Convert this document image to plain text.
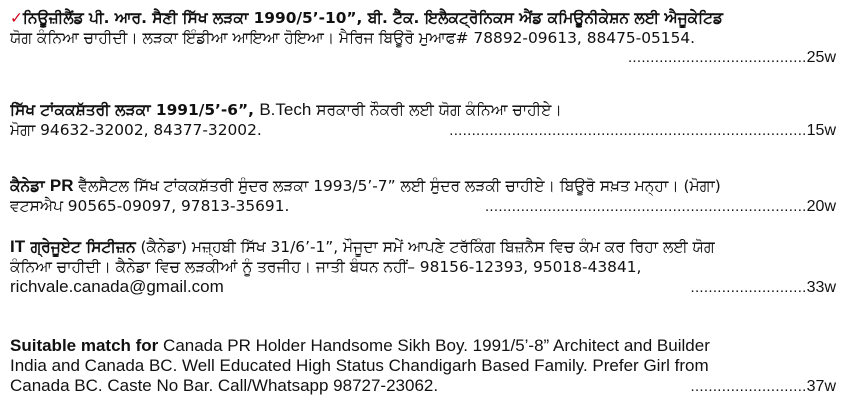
✓ਨਿਊਜ਼ੀਲੈਂਡ ਪੀ. ਆਰ. ਸੈਣੀ ਸਿੱਖ ਲੜਕਾ 1990/5’-10”, ਬੀ. ਟੈੱਕ. ਇਲੈਕਟ੍ਰੋਨਿਕਸ ਐਂਡ ਕਮਿਊਨੀਕੇਸ਼ਨ ਲਈ ਐਜੂਕੇਟਿਡ
ਯੋਗ ਕੰਨਿਆ ਚਾਹੀਦੀ। ਲੜਕਾ ਇੰਡੀਆ ਆਇਆ ਹੋਇਆ। ਮੈਰਿਜ ਬਿਊਰੋ ਮੁਆਫ# 78892-09613, 88475-05154.
........................................ 25w
ਸਿੱਖ ਟਾਂਕਕਸ਼ੱਤਰੀ ਲੜਕਾ 1991/5’-6”, B.Tech ਸਰਕਾਰੀ ਨੌਕਰੀ ਲਈ ਯੋਗ ਕੰਨਿਆ ਚਾਹੀਏ।
ਮੋਗਾ 94632-32002, 84377-32002.	................................................................................ 15w
ਕੈਨੇਡਾ PR ਵੈੱਲਸੈਟਲ ਸਿੱਖ ਟਾਂਕਕਸ਼ੱਤਰੀ ਸੁੰਦਰ ਲੜਕਾ 1993/5’-7” ਲਈ ਸੁੰਦਰ ਲੜਕੀ ਚਾਹੀਏ। ਬਿਊਰੋ ਸਖ਼ਤ ਮਨ੍ਹਾ। (ਮੋਗਾ)
ਵਟਸਐਪ 90565-09097, 97813-35691.	........................................................................ 20w
IT ਗ੍ਰੇਜੂਏਟ ਸਿਟੀਜ਼ਨ (ਕੈਨੇਡਾ) ਮਜ਼੍ਹਬੀ ਸਿੱਖ 31/6’-1”, ਮੌਜੂਦਾ ਸਮੇਂ ਆਪਣੇ ਟਰੱਕਿੰਗ ਬਿਜ਼ਨੈਸ ਵਿਚ ਕੰਮ ਕਰ ਰਿਹਾ ਲਈ ਯੋਗ
ਕੰਨਿਆ ਚਾਹੀਦੀ। ਕੈਨੇਡਾ ਵਿਚ ਲੜਕੀਆਂ ਨੂੰ ਤਰਜੀਹ। ਜਾਤੀ ਬੰਧਨ ਨਹੀਂ– 98156-12393, 95018-43841,
richvale.canada@gmail.com	.......................... 33w
Suitable match for Canada PR Holder Handsome Sikh Boy. 1991/5’-8” Architect and Builder
India and Canada BC. Well Educated High Status Chandigarh Based Family. Prefer Girl from
Canada BC. Caste No Bar. Call/Whatsapp 98727-23062.	.......................... 37w
